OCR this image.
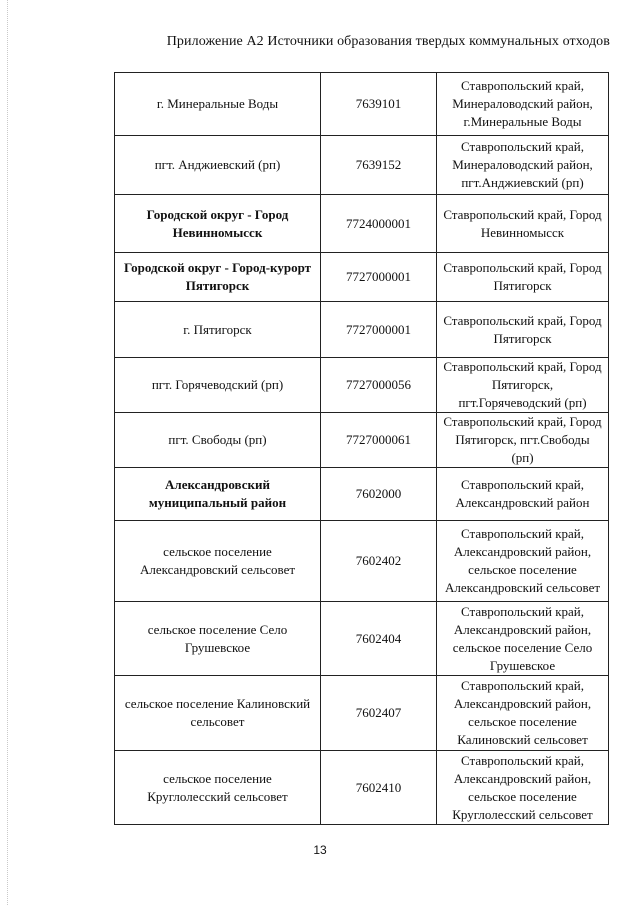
Приложение А2 Источники образования твердых коммунальных отходов
г. Минеральные Воды	7639101	Ставропольский край, Минераловодский район, г.Минеральные Воды
пгт. Анджиевский (рп)	7639152	Ставропольский край, Минераловодский район, пгт.Анджиевский (рп)
Городской округ - Город Невинномысск	7724000001	Ставропольский край, Город Невинномысск
Городской округ - Город-курорт Пятигорск	7727000001	Ставропольский край, Город Пятигорск
г. Пятигорск	7727000001	Ставропольский край, Город Пятигорск
пгт. Горячеводский (рп)	7727000056	Ставропольский край, Город Пятигорск, пгт.Горячеводский (рп)
пгт. Свободы (рп)	7727000061	Ставропольский край, Город Пятигорск, пгт.Свободы (рп)
Александровский муниципальный район	7602000	Ставропольский край, Александровский район
сельское поселение Александровский сельсовет	7602402	Ставропольский край, Александровский район, сельское поселение Александровский сельсовет
сельское поселение Село Грушевское	7602404	Ставропольский край, Александровский район, сельское поселение Село Грушевское
сельское поселение Калиновский сельсовет	7602407	Ставропольский край, Александровский район, сельское поселение Калиновский сельсовет
сельское поселение Круглолесский сельсовет	7602410	Ставропольский край, Александровский район, сельское поселение Круглолесский сельсовет
13
